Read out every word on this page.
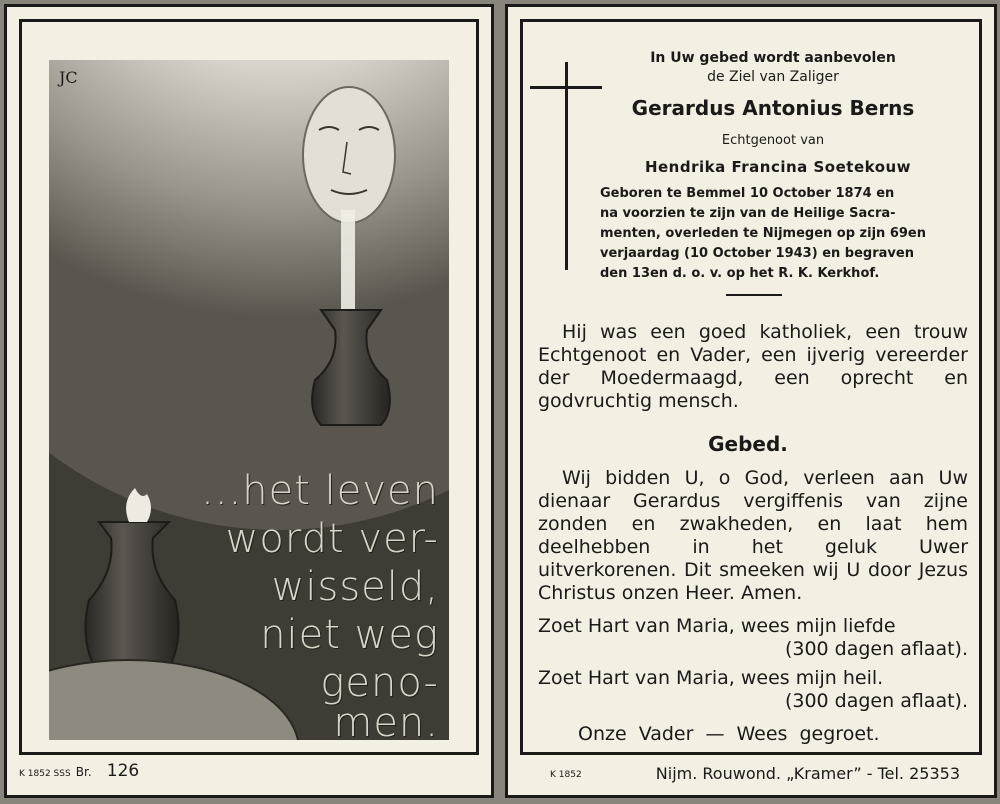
...het leven
wordt ver-
wisseld,
niet weg
geno-
men.
JC
K 1852 SSS Br. 126
In Uw gebed wordt aanbevolen
de Ziel van Zaliger
Gerardus Antonius Berns
Echtgenoot van
Hendrika Francina Soetekouw
Geboren te Bemmel 10 October 1874 en
na voorzien te zijn van de Heilige Sacra-
menten, overleden te Nijmegen op zijn 69en
verjaardag (10 October 1943) en begraven
den 13en d. o. v. op het R. K. Kerkhof.
Hij was een goed katholiek, een trouw Echtgenoot en Vader, een ijverig vereerder der Moedermaagd, een oprecht en godvruchtig mensch.
Gebed.
Wij bidden U, o God, verleen aan Uw dienaar Gerardus vergiffenis van zijne zonden en zwakheden, en laat hem deelhebben in het geluk Uwer uitverkorenen. Dit smeeken wij U door Jezus Christus onzen Heer. Amen.
Zoet Hart van Maria, wees mijn liefde
(300 dagen aflaat).
Zoet Hart van Maria, wees mijn heil.
(300 dagen aflaat).
Onze Vader — Wees gegroet.
K 1852	Nijm. Rouwond. „Kramer” - Tel. 25353
